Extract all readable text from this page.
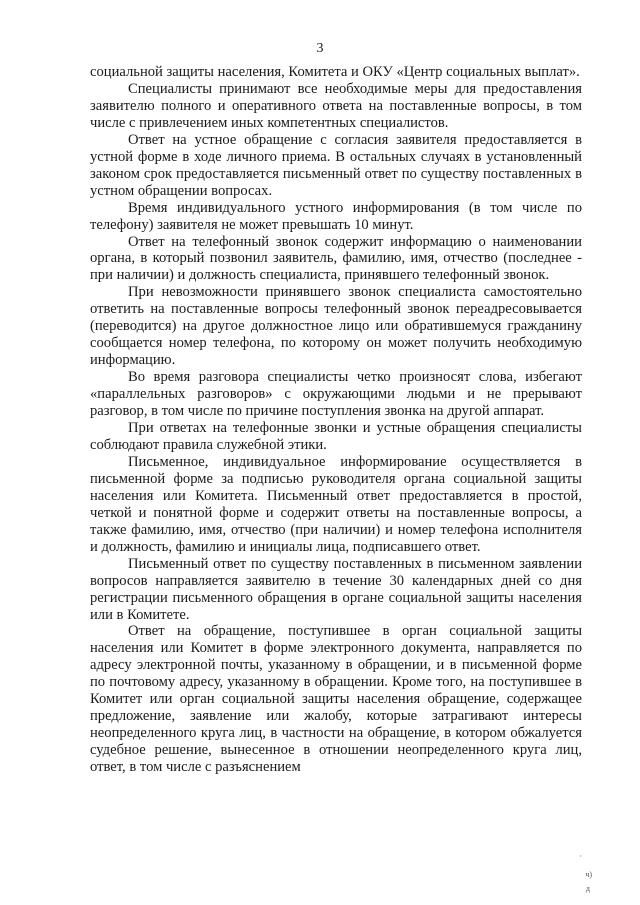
3

социальной защиты населения, Комитета и ОКУ «Центр социальных выплат».

Специалисты принимают все необходимые меры для предоставления заявителю полного и оперативного ответа на поставленные вопросы, в том числе с привлечением иных компетентных специалистов.

Ответ на устное обращение с согласия заявителя предоставляется в устной форме в ходе личного приема. В остальных случаях в установленный законом срок предоставляется письменный ответ по существу поставленных в устном обращении вопросах.

Время индивидуального устного информирования (в том числе по телефону) заявителя не может превышать 10 минут.

Ответ на телефонный звонок содержит информацию о наименовании органа, в который позвонил заявитель, фамилию, имя, отчество (последнее - при наличии) и должность специалиста, принявшего телефонный звонок.

При невозможности принявшего звонок специалиста самостоятельно ответить на поставленные вопросы телефонный звонок переадресовывается (переводится) на другое должностное лицо или обратившемуся гражданину сообщается номер телефона, по которому он может получить необходимую информацию.

Во время разговора специалисты четко произносят слова, избегают «параллельных разговоров» с окружающими людьми и не прерывают разговор, в том числе по причине поступления звонка на другой аппарат.

При ответах на телефонные звонки и устные обращения специалисты соблюдают правила служебной этики.

Письменное, индивидуальное информирование осуществляется в письменной форме за подписью руководителя органа социальной защиты населения или Комитета. Письменный ответ предоставляется в простой, четкой и понятной форме и содержит ответы на поставленные вопросы, а также фамилию, имя, отчество (при наличии) и номер телефона исполнителя и должность, фамилию и инициалы лица, подписавшего ответ.

Письменный ответ по существу поставленных в письменном заявлении вопросов направляется заявителю в течение 30 календарных дней со дня регистрации письменного обращения в органе социальной защиты населения или в Комитете.

Ответ на обращение, поступившее в орган социальной защиты населения или Комитет в форме электронного документа, направляется по адресу электронной почты, указанному в обращении, и в письменной форме по почтовому адресу, указанному в обращении. Кроме того, на поступившее в Комитет или орган социальной защиты населения обращение, содержащее предложение, заявление или жалобу, которые затрагивают интересы неопределенного круга лиц, в частности на обращение, в котором обжалуется судебное решение, вынесенное в отношении неопределенного круга лиц, ответ, в том числе с разъяснением

·
ч)
д
